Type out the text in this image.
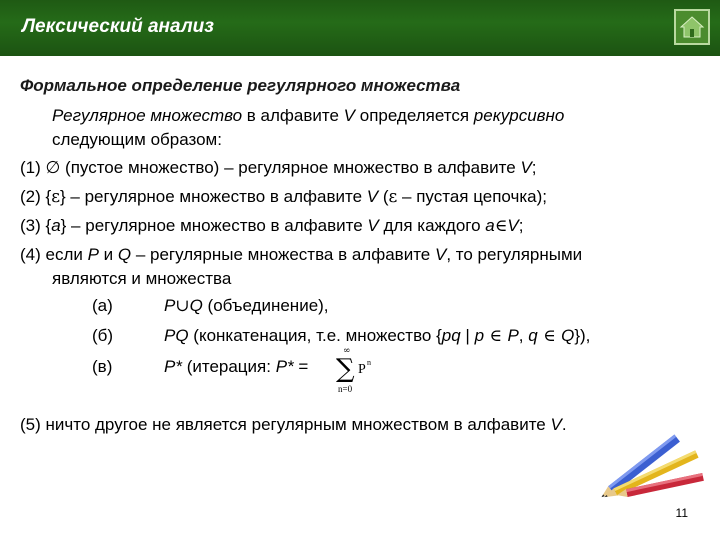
Лексический анализ
Формальное определение регулярного множества
Регулярное множество в алфавите V определяется рекурсивно
следующим образом:
(1) ∅ (пустое множество) – регулярное множество в алфавите V;
(2) {ε} – регулярное множество в алфавите V (ε – пустая цепочка);
(3) {a} – регулярное множество в алфавите V для каждого a∈V;
(4) если P и Q – регулярные множества в алфавите V, то регулярными
являются и множества
(а)	P∪Q (объединение),
(б)	PQ (конкатенация, т.е. множество {pq | p ∈ P, q ∈ Q}),
(в)	P* (итерация: P* =
∞
∑ P n
n=0
(5) ничто другое не является регулярным множеством в алфавите V.
11
